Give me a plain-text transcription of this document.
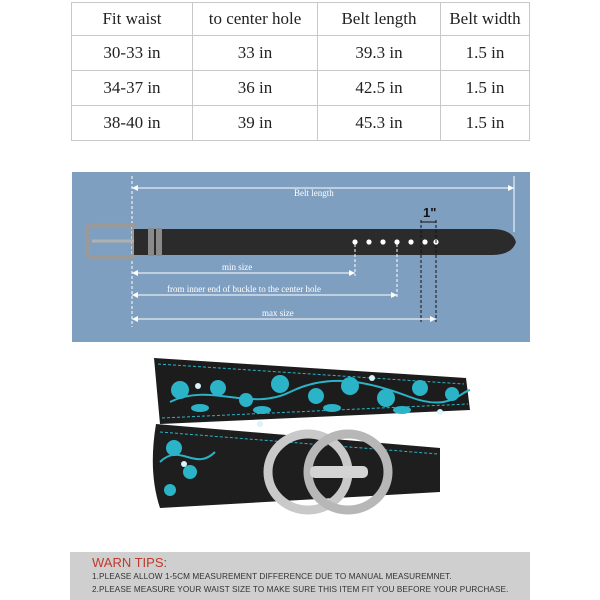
Fit waist	to center hole	Belt length	Belt width
30-33 in	33 in	39.3 in	1.5 in
34-37 in	36 in	42.5 in	1.5 in
38-40 in	39 in	45.3 in	1.5 in
Belt length
1"
min size
from inner end of buckle to the center hole
max size
WARN TIPS:
1.PLEASE ALLOW 1-5CM MEASUREMENT DIFFERENCE DUE TO MANUAL MEASUREMNET.
2.PLEASE MEASURE YOUR WAIST SIZE TO MAKE SURE THIS ITEM FIT YOU BEFORE YOUR PURCHASE.
